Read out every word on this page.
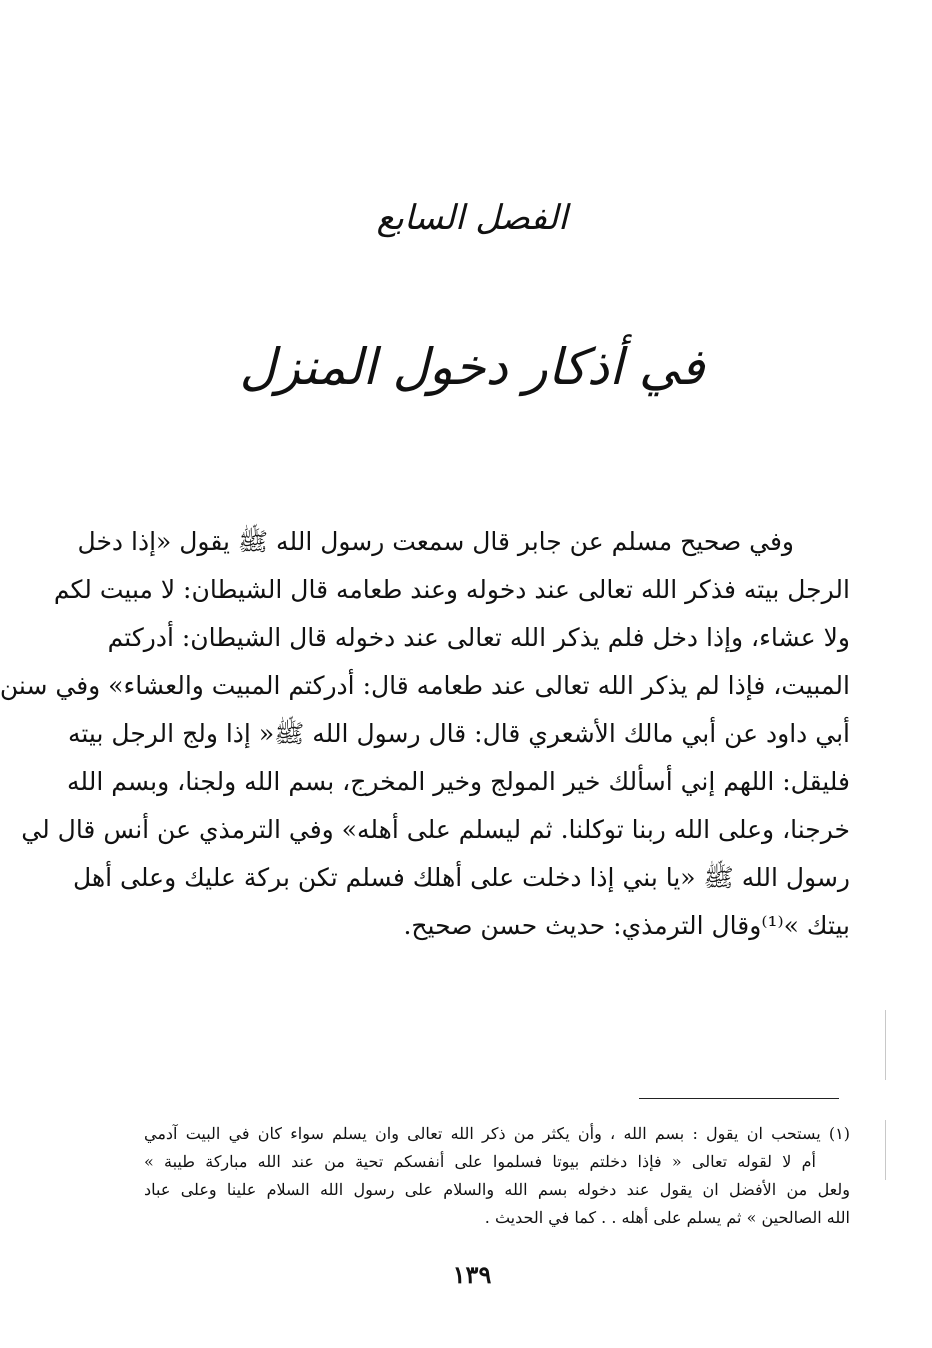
الفصل السابع
في أذكار دخول المنزل
وفي صحيح مسلم عن جابر قال سمعت رسول الله ﷺ يقول «إذا دخل
الرجل بيته فذكر الله تعالى عند دخوله وعند طعامه قال الشيطان: لا مبيت لكم
ولا عشاء، وإذا دخل فلم يذكر الله تعالى عند دخوله قال الشيطان: أدركتم
المبيت، فإذا لم يذكر الله تعالى عند طعامه قال: أدركتم المبيت والعشاء» وفي سنن
أبي داود عن أبي مالك الأشعري قال: قال رسول الله ﷺ« إذا ولج الرجل بيته
فليقل: اللهم إني أسألك خير المولج وخير المخرج، بسم الله ولجنا، وبسم الله
خرجنا، وعلى الله ربنا توكلنا. ثم ليسلم على أهله» وفي الترمذي عن أنس قال لي
رسول الله ﷺ «يا بني إذا دخلت على أهلك فسلم تكن بركة عليك وعلى أهل
بيتك »⁽¹⁾وقال الترمذي: حديث حسن صحيح.
(١) يستحب ان يقول : بسم الله ، وأن يكثر من ذكر الله تعالى وان يسلم سواء كان في البيت آدمي
أم لا لقوله تعالى « فإذا دخلتم بيوتا فسلموا على أنفسكم تحية من عند الله مباركة طيبة »
ولعل من الأفضل ان يقول عند دخوله بسم الله والسلام على رسول الله السلام علينا وعلى عباد
الله الصالحين » ثم يسلم على أهله . . كما في الحديث .
١٣٩
